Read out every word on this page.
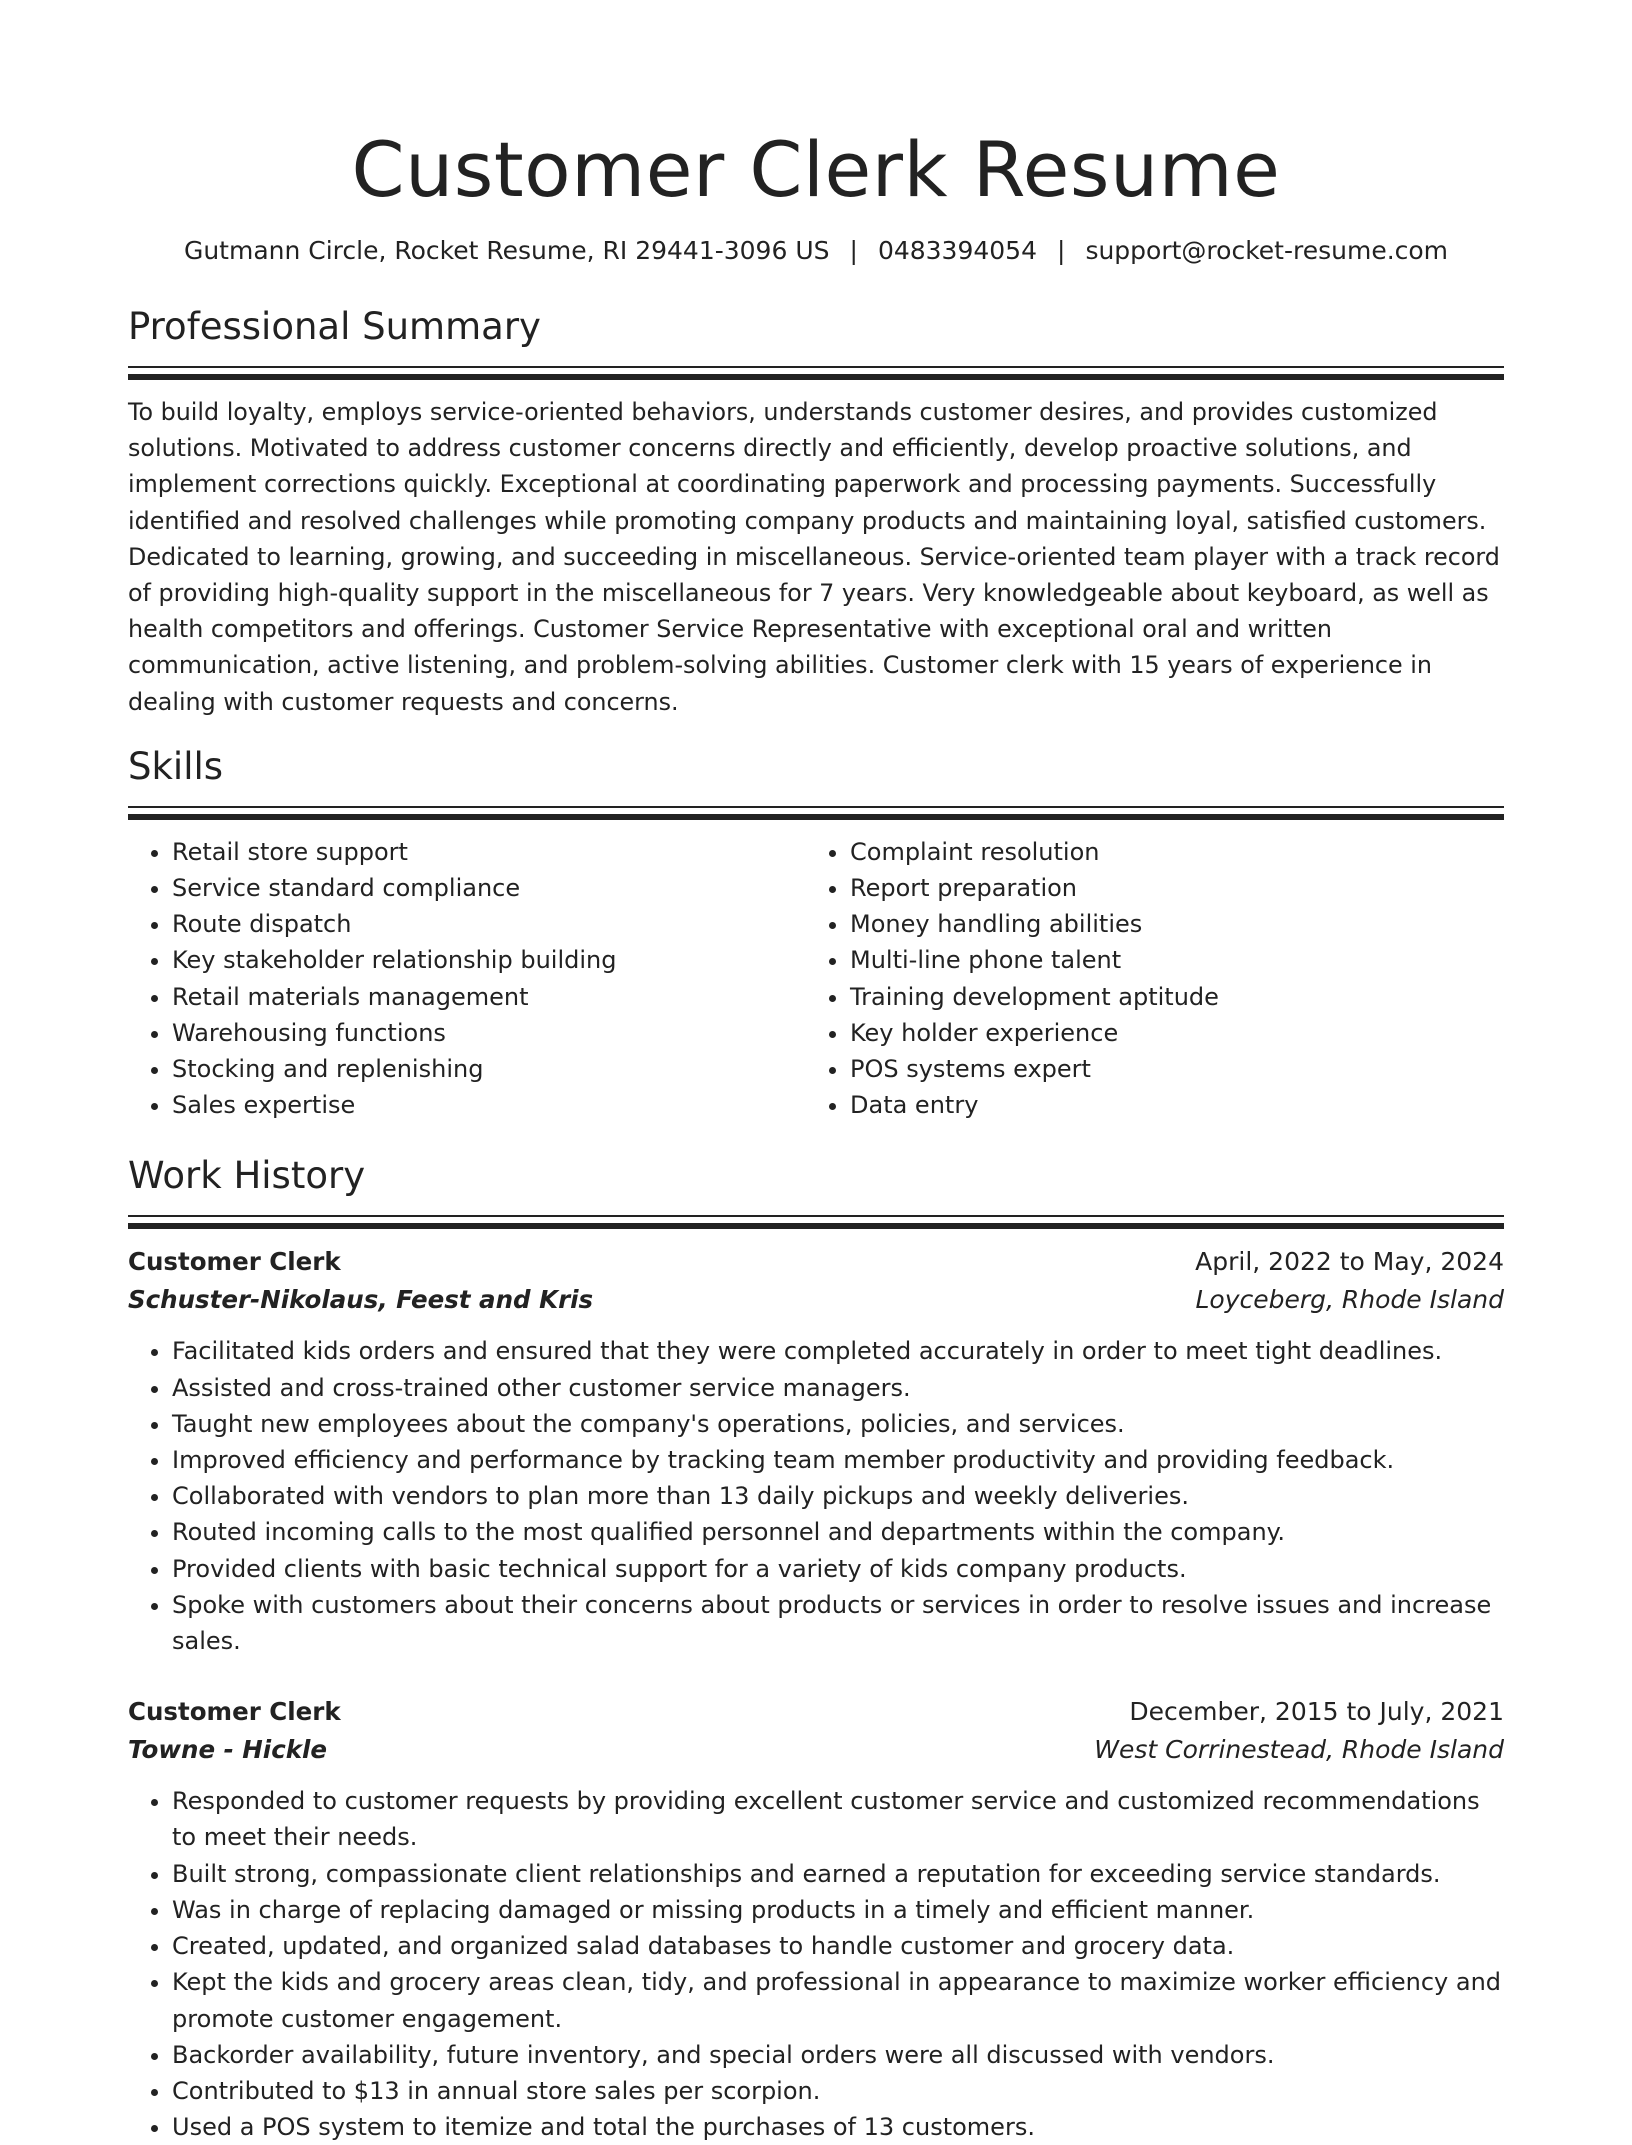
Customer Clerk Resume
Gutmann Circle, Rocket Resume, RI 29441-3096 US | 0483394054 | support@rocket-resume.com
Professional Summary

To build loyalty, employs service-oriented behaviors, understands customer desires, and provides customized solutions. Motivated to address customer concerns directly and efficiently, develop proactive solutions, and implement corrections quickly. Exceptional at coordinating paperwork and processing payments. Successfully identified and resolved challenges while promoting company products and maintaining loyal, satisfied customers. Dedicated to learning, growing, and succeeding in miscellaneous. Service-oriented team player with a track record of providing high-quality support in the miscellaneous for 7 years. Very knowledgeable about keyboard, as well as health competitors and offerings. Customer Service Representative with exceptional oral and written communication, active listening, and problem-solving abilities. Customer clerk with 15 years of experience in dealing with customer requests and concerns.

Skills
• Retail store support
• Service standard compliance
• Route dispatch
• Key stakeholder relationship building
• Retail materials management
• Warehousing functions
• Stocking and replenishing
• Sales expertise
• Complaint resolution
• Report preparation
• Money handling abilities
• Multi-line phone talent
• Training development aptitude
• Key holder experience
• POS systems expert
• Data entry
Work History
Customer Clerk	April, 2022 to May, 2024
Schuster-Nikolaus, Feest and Kris	Loyceberg, Rhode Island
• Facilitated kids orders and ensured that they were completed accurately in order to meet tight deadlines.
• Assisted and cross-trained other customer service managers.
• Taught new employees about the company's operations, policies, and services.
• Improved efficiency and performance by tracking team member productivity and providing feedback.
• Collaborated with vendors to plan more than 13 daily pickups and weekly deliveries.
• Routed incoming calls to the most qualified personnel and departments within the company.
• Provided clients with basic technical support for a variety of kids company products.
• Spoke with customers about their concerns about products or services in order to resolve issues and increase sales.
Customer Clerk	December, 2015 to July, 2021
Towne - Hickle	West Corrinestead, Rhode Island
• Responded to customer requests by providing excellent customer service and customized recommendations to meet their needs.
• Built strong, compassionate client relationships and earned a reputation for exceeding service standards.
• Was in charge of replacing damaged or missing products in a timely and efficient manner.
• Created, updated, and organized salad databases to handle customer and grocery data.
• Kept the kids and grocery areas clean, tidy, and professional in appearance to maximize worker efficiency and promote customer engagement.
• Backorder availability, future inventory, and special orders were all discussed with vendors.
• Contributed to $13 in annual store sales per scorpion.
• Used a POS system to itemize and total the purchases of 13 customers.
